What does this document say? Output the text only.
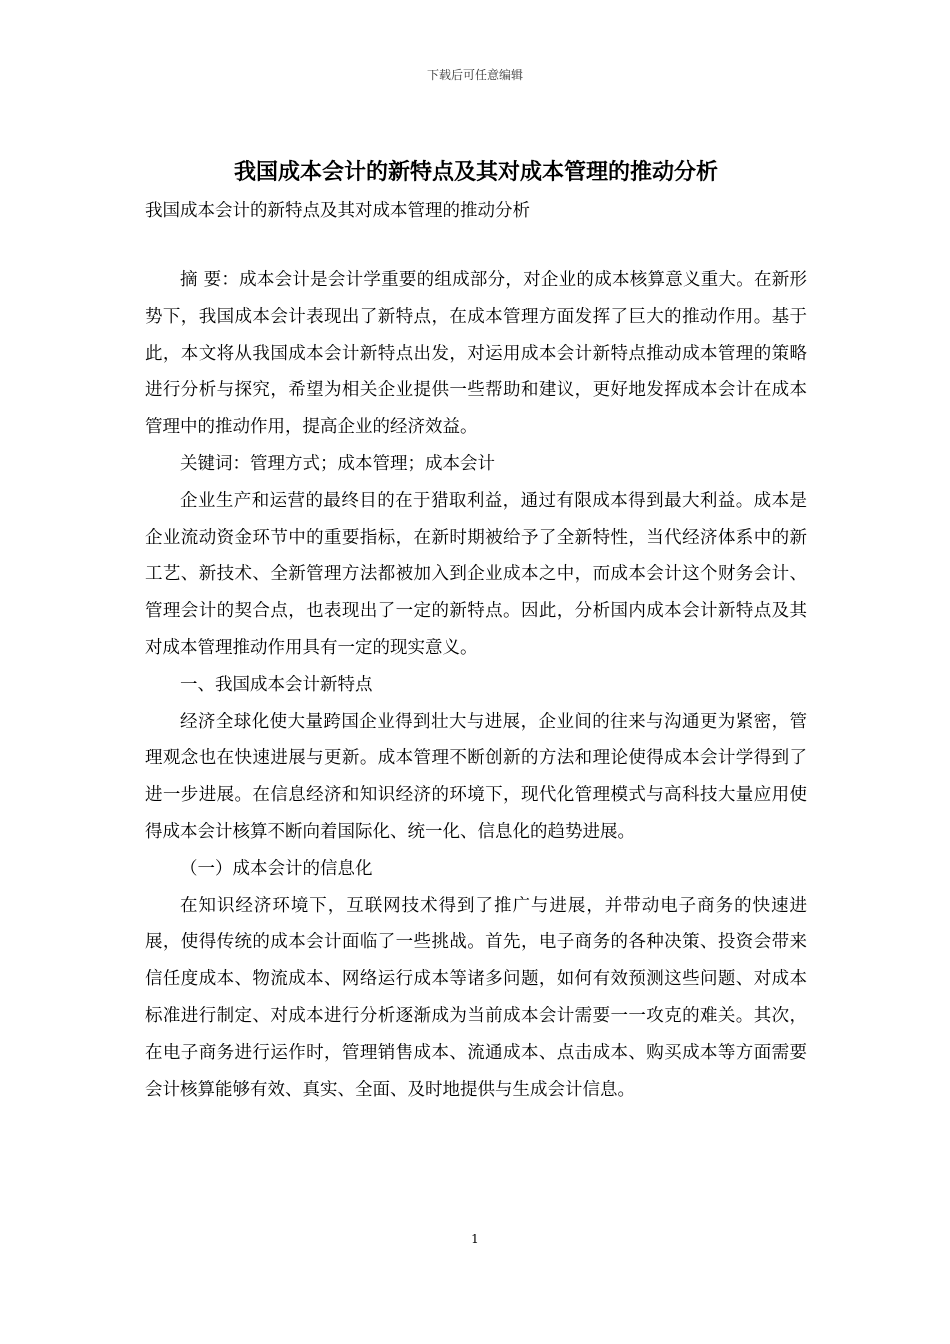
下载后可任意编辑
我国成本会计的新特点及其对成本管理的推动分析

我国成本会计的新特点及其对成本管理的推动分析

摘 要：成本会计是会计学重要的组成部分，对企业的成本核算意义重大。在新形势下，我国成本会计表现出了新特点，在成本管理方面发挥了巨大的推动作用。基于此，本文将从我国成本会计新特点出发，对运用成本会计新特点推动成本管理的策略进行分析与探究，希望为相关企业提供一些帮助和建议，更好地发挥成本会计在成本管理中的推动作用，提高企业的经济效益。

关键词：管理方式；成本管理；成本会计

企业生产和运营的最终目的在于猎取利益，通过有限成本得到最大利益。成本是企业流动资金环节中的重要指标，在新时期被给予了全新特性，当代经济体系中的新工艺、新技术、全新管理方法都被加入到企业成本之中，而成本会计这个财务会计、管理会计的契合点，也表现出了一定的新特点。因此，分析国内成本会计新特点及其对成本管理推动作用具有一定的现实意义。

一、我国成本会计新特点

经济全球化使大量跨国企业得到壮大与进展，企业间的往来与沟通更为紧密，管理观念也在快速进展与更新。成本管理不断创新的方法和理论使得成本会计学得到了进一步进展。在信息经济和知识经济的环境下，现代化管理模式与高科技大量应用使得成本会计核算不断向着国际化、统一化、信息化的趋势进展。

（一）成本会计的信息化

在知识经济环境下，互联网技术得到了推广与进展，并带动电子商务的快速进展，使得传统的成本会计面临了一些挑战。首先，电子商务的各种决策、投资会带来信任度成本、物流成本、网络运行成本等诸多问题，如何有效预测这些问题、对成本标准进行制定、对成本进行分析逐渐成为当前成本会计需要一一攻克的难关。其次，在电子商务进行运作时，管理销售成本、流通成本、点击成本、购买成本等方面需要会计核算能够有效、真实、全面、及时地提供与生成会计信息。

1
